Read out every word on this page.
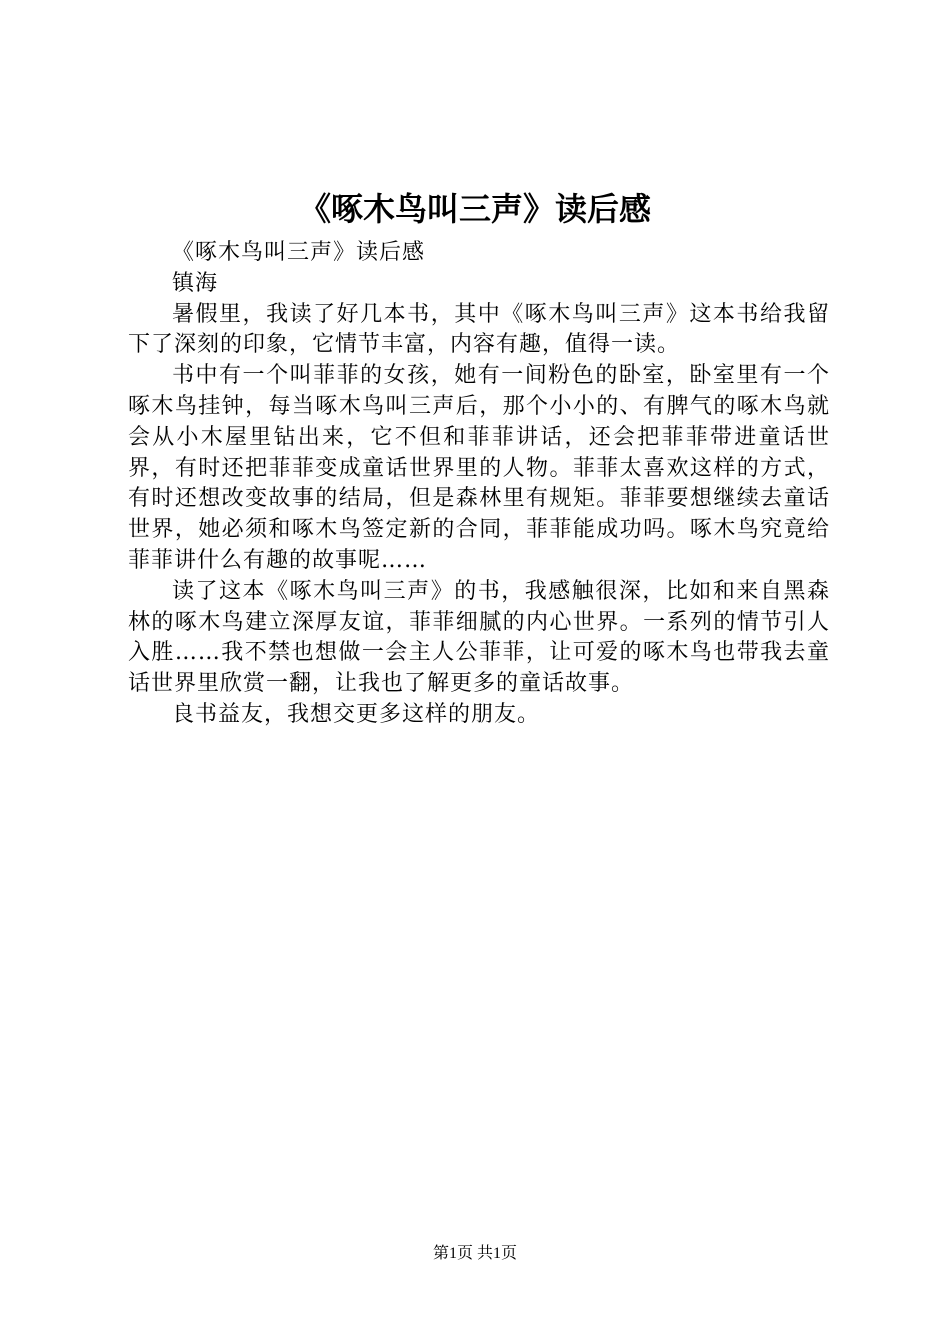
《啄木鸟叫三声》读后感

《啄木鸟叫三声》读后感

镇海

暑假里，我读了好几本书，其中《啄木鸟叫三声》这本书给我留下了深刻的印象，它情节丰富，内容有趣，值得一读。

书中有一个叫菲菲的女孩，她有一间粉色的卧室，卧室里有一个啄木鸟挂钟，每当啄木鸟叫三声后，那个小小的、有脾气的啄木鸟就会从小木屋里钻出来，它不但和菲菲讲话，还会把菲菲带进童话世界，有时还把菲菲变成童话世界里的人物。菲菲太喜欢这样的方式，有时还想改变故事的结局，但是森林里有规矩。菲菲要想继续去童话世界，她必须和啄木鸟签定新的合同，菲菲能成功吗。啄木鸟究竟给菲菲讲什么有趣的故事呢……

读了这本《啄木鸟叫三声》的书，我感触很深，比如和来自黑森林的啄木鸟建立深厚友谊，菲菲细腻的内心世界。一系列的情节引人入胜……我不禁也想做一会主人公菲菲，让可爱的啄木鸟也带我去童话世界里欣赏一翻，让我也了解更多的童话故事。

良书益友，我想交更多这样的朋友。

第1页 共1页
